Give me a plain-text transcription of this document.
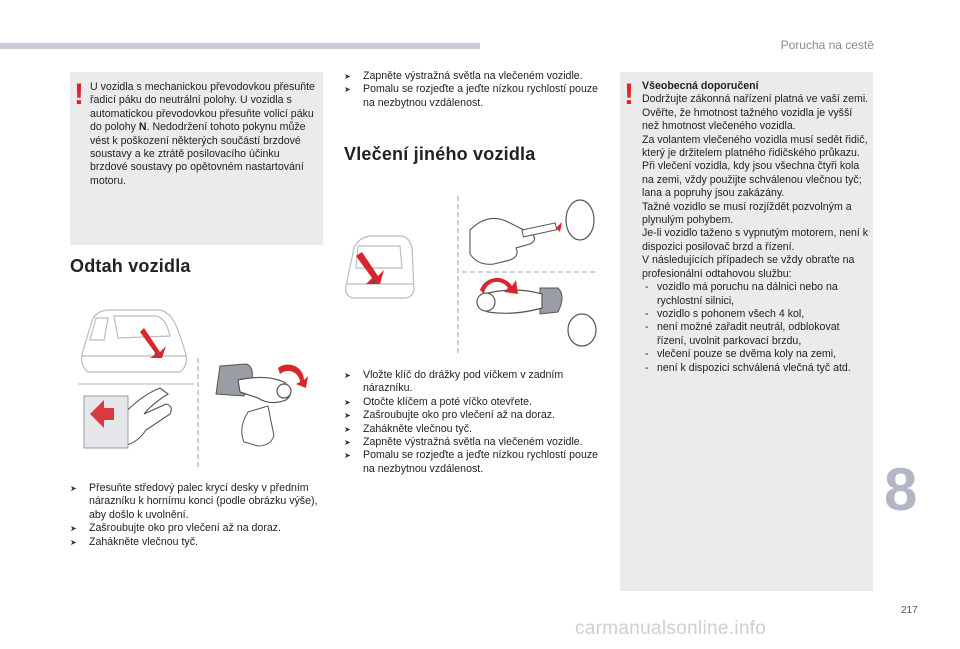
Porucha na cestě
! U vozidla s mechanickou převodovkou přesuňte řadicí páku do neutrální polohy. U vozidla s automatickou převodovkou přesuňte volicí páku do polohy N. Nedodržení tohoto pokynu může vést k poškození některých součástí brzdové soustavy a ke ztrátě posilovacího účinku brzdové soustavy po opětovném nastartování motoru.
Odtah vozidla
➤ Přesuňte středový palec krycí desky v předním nárazníku k hornímu konci (podle obrázku výše), aby došlo k uvolnění.
➤ Zašroubujte oko pro vlečení až na doraz.
➤ Zahákněte vlečnou tyč.
➤ Zapněte výstražná světla na vlečeném vozidle.
➤ Pomalu se rozjeďte a jeďte nízkou rychlostí pouze na nezbytnou vzdálenost.
Vlečení jiného vozidla
➤ Vložte klíč do drážky pod víčkem v zadním nárazníku.
➤ Otočte klíčem a poté víčko otevřete.
➤ Zašroubujte oko pro vlečení až na doraz.
➤ Zahákněte vlečnou tyč.
➤ Zapněte výstražná světla na vlečeném vozidle.
➤ Pomalu se rozjeďte a jeďte nízkou rychlostí pouze na nezbytnou vzdálenost.
! Všeobecná doporučení

Dodržujte zákonná nařízení platná ve vaší zemi.

Ověřte, že hmotnost tažného vozidla je vyšší než hmotnost vlečeného vozidla.

Za volantem vlečeného vozidla musí sedět řidič, který je držitelem platného řidičského průkazu.

Při vlečení vozidla, kdy jsou všechna čtyři kola na zemi, vždy použijte schválenou vlečnou tyč; lana a popruhy jsou zakázány.

Tažné vozidlo se musí rozjíždět pozvolným a plynulým pohybem.

Je-li vozidlo taženo s vypnutým motorem, není k dispozici posilovač brzd a řízení.

V následujících případech se vždy obraťte na profesionální odtahovou službu:

- vozidlo má poruchu na dálnici nebo na rychlostní silnici,
- vozidlo s pohonem všech 4 kol,
- není možné zařadit neutrál, odblokovat řízení, uvolnit parkovací brzdu,
- vlečení pouze se dvěma koly na zemi,
- není k dispozici schválená vlečná tyč atd.
8
217
carmanualsonline.info
